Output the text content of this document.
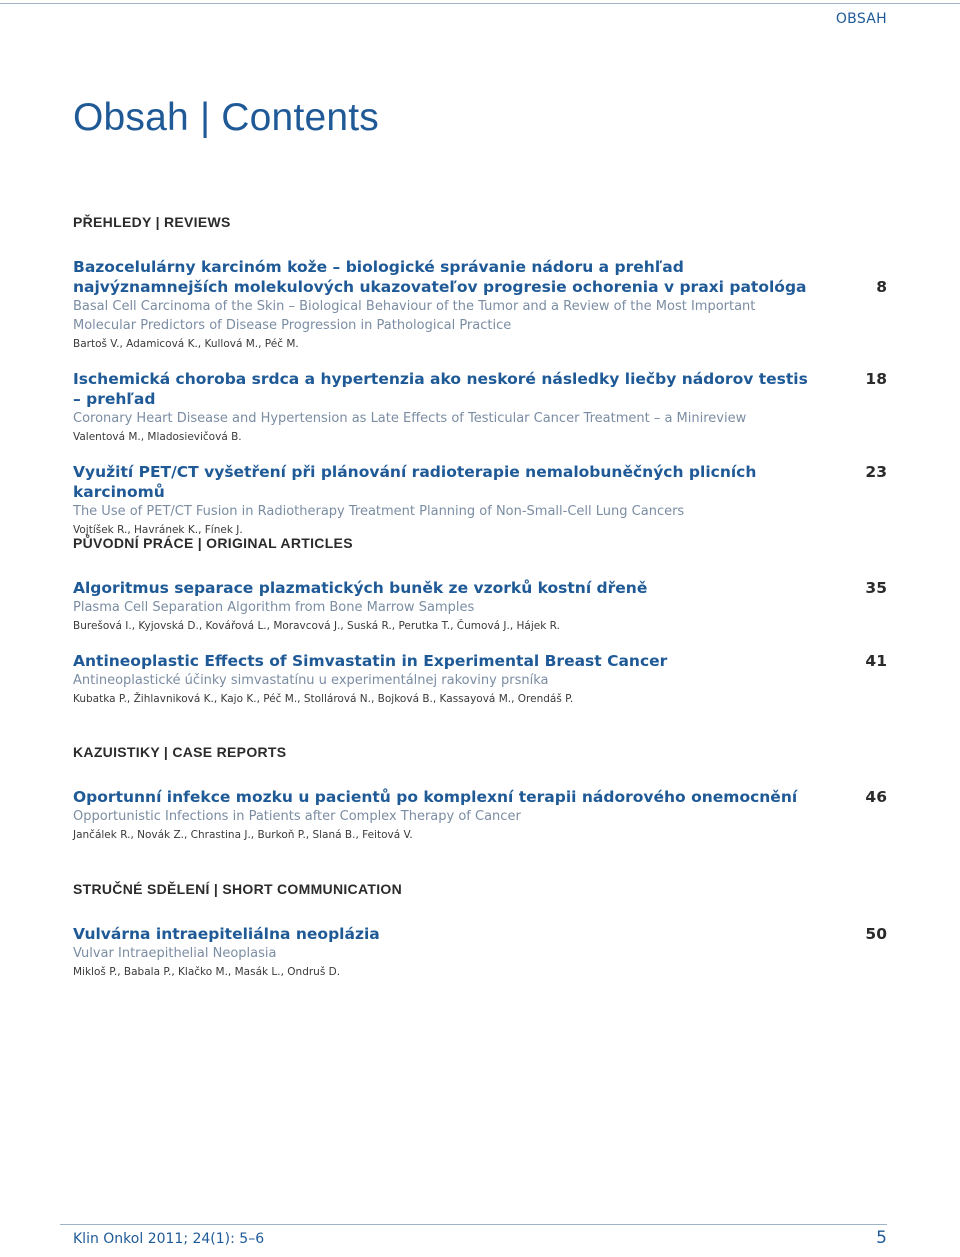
OBSAH
Obsah | Contents
PŘEHLEDY | REVIEWS
8
Bazocelulárny karcinóm kože – biologické správanie nádoru a prehľad najvýznamnejších molekulových ukazovateľov progresie ochorenia v praxi patológa
Basal Cell Carcinoma of the Skin – Biological Behaviour of the Tumor and a Review of the Most Important Molecular Predictors of Disease Progression in Pathological Practice
Bartoš V., Adamicová K., Kullová M., Péč M.
18
Ischemická choroba srdca a hypertenzia ako neskoré následky liečby nádorov testis – prehľad
Coronary Heart Disease and Hypertension as Late Effects of Testicular Cancer Treatment – a Minireview
Valentová M., Mladosievičová B.
23
Využití PET/CT vyšetření při plánování radioterapie nemalobuněčných plicních karcinomů
The Use of PET/CT Fusion in Radiotherapy Treatment Planning of Non-Small-Cell Lung Cancers
Vojtíšek R., Havránek K., Fínek J.
PŮVODNÍ PRÁCE | ORIGINAL ARTICLES
35
Algoritmus separace plazmatických buněk ze vzorků kostní dřeně
Plasma Cell Separation Algorithm from Bone Marrow Samples
Burešová I., Kyjovská D., Kovářová L., Moravcová J., Suská R., Perutka T., Čumová J., Hájek R.
41
Antineoplastic Effects of Simvastatin in Experimental Breast Cancer
Antineoplastické účinky simvastatínu u experimentálnej rakoviny prsníka
Kubatka P., Žihlavniková K., Kajo K., Péč M., Stollárová N., Bojková B., Kassayová M., Orendáš P.
KAZUISTIKY | CASE REPORTS
46
Oportunní infekce mozku u pacientů po komplexní terapii nádorového onemocnění
Opportunistic Infections in Patients after Complex Therapy of Cancer
Jančálek R., Novák Z., Chrastina J., Burkoň P., Slaná B., Feitová V.
STRUČNÉ SDĚLENÍ | SHORT COMMUNICATION
50
Vulvárna intraepiteliálna neoplázia
Vulvar Intraepithelial Neoplasia
Mikloš P., Babala P., Klačko M., Masák L., Ondruš D.
Klin Onkol 2011; 24(1): 5–6	5
